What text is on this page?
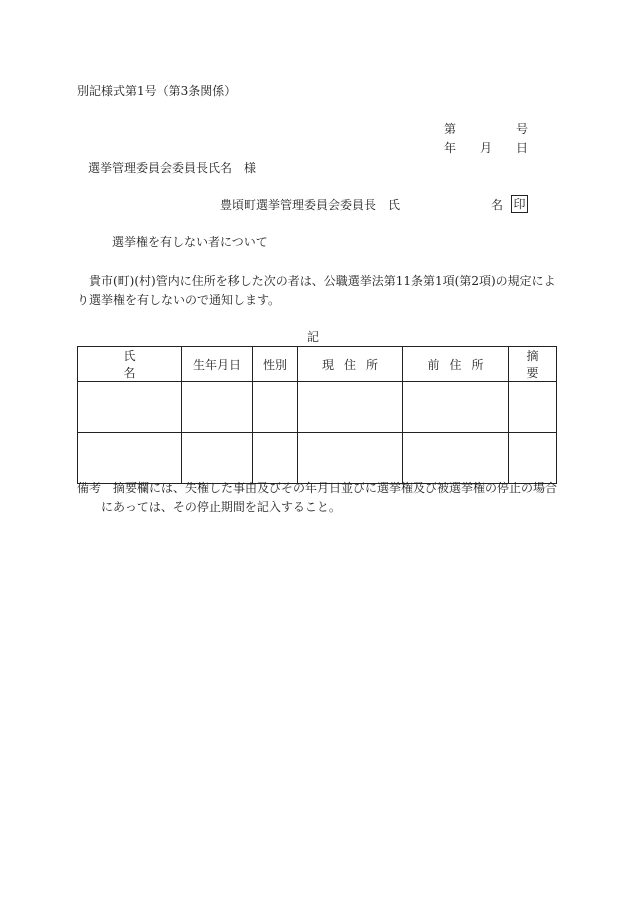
別記様式第1号（第3条関係）
第	号
年 月 日
選挙管理委員会委員長氏名　様
豊頃町選挙管理委員会委員長　氏	名 印
選挙権を有しない者について
貴市(町)(村)管内に住所を移した次の者は、公職選挙法第11条第1項(第2項)の規定により選挙権を有しないので通知します。
記
氏名	生年月日	性別	現住所	前住所	摘要

備考 摘要欄には、失権した事由及びその年月日並びに選挙権及び被選挙権の停止の場合
にあっては、その停止期間を記入すること。
